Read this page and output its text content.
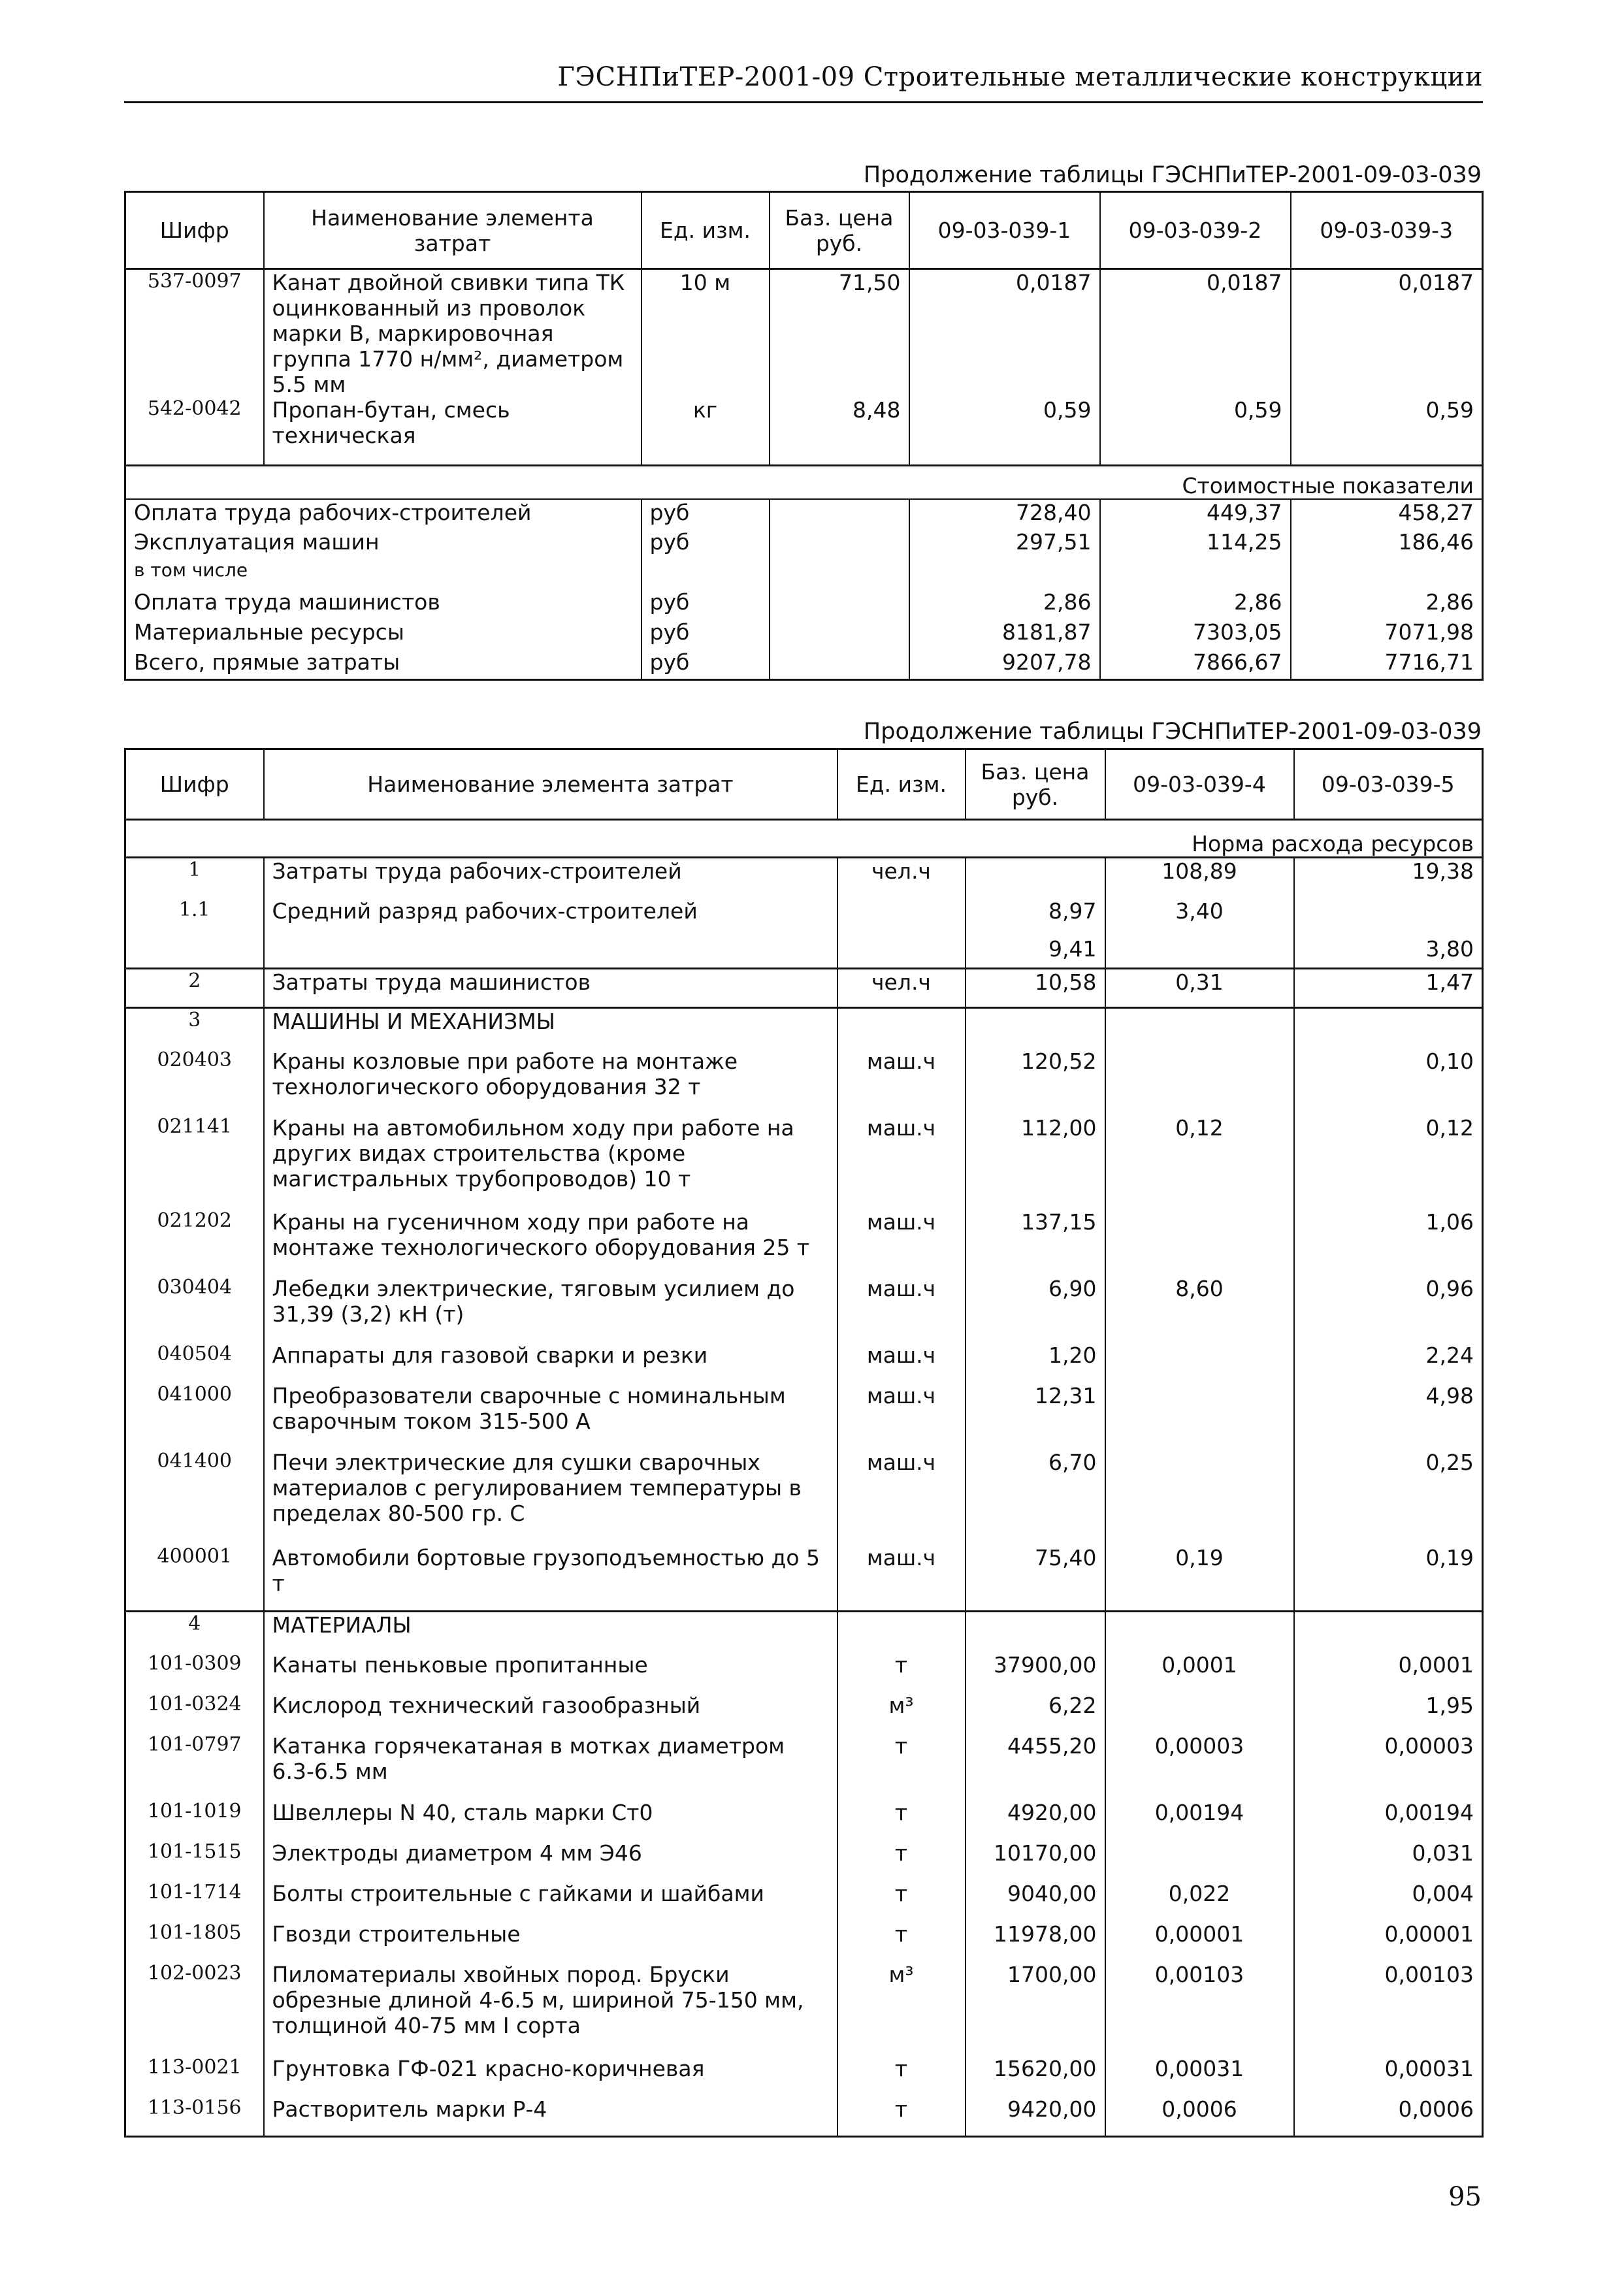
ГЭСНПиТЕР-2001-09 Строительные металлические конструкции
Продолжение таблицы ГЭСНПиТЕР-2001-09-03-039
Шифр	Наименование элемента затрат	Ед. изм.	Баз. цена руб.	09-03-039-1	09-03-039-2	09-03-039-3
537-0097	Канат двойной свивки типа ТК оцинкованный из проволок марки В, маркировочная группа 1770 н/мм², диаметром 5.5 мм	10 м	71,50	0,0187	0,0187	0,0187
542-0042	Пропан-бутан, смесь техническая	кг	8,48	0,59	0,59	0,59
Стоимостные показатели						
Оплата труда рабочих-строителей		руб		728,40	449,37	458,27
Эксплуатация машин		руб		297,51	114,25	186,46
в том числе						
Оплата труда машинистов		руб		2,86	2,86	2,86
Материальные ресурсы		руб		8181,87	7303,05	7071,98
Всего, прямые затраты		руб		9207,78	7866,67	7716,71
Продолжение таблицы ГЭСНПиТЕР-2001-09-03-039
Шифр	Наименование элемента затрат	Ед. изм.	Баз. цена руб.	09-03-039-4	09-03-039-5
Норма расхода ресурсов					
1	Затраты труда рабочих-строителей	чел.ч		108,89	19,38
1.1	Средний разряд рабочих-строителей		8,97	3,40	
			9,41		3,80
2	Затраты труда машинистов	чел.ч	10,58	0,31	1,47
3	МАШИНЫ И МЕХАНИЗМЫ				
020403	Краны козловые при работе на монтаже технологического оборудования 32 т	маш.ч	120,52		0,10
021141	Краны на автомобильном ходу при работе на других видах строительства (кроме магистральных трубопроводов) 10 т	маш.ч	112,00	0,12	0,12
021202	Краны на гусеничном ходу при работе на монтаже технологического оборудования 25 т	маш.ч	137,15		1,06
030404	Лебедки электрические, тяговым усилием до 31,39 (3,2) кН (т)	маш.ч	6,90	8,60	0,96
040504	Аппараты для газовой сварки и резки	маш.ч	1,20		2,24
041000	Преобразователи сварочные с номинальным сварочным током 315-500 А	маш.ч	12,31		4,98
041400	Печи электрические для сушки сварочных материалов с регулированием температуры в пределах 80-500 гр. С	маш.ч	6,70		0,25
400001	Автомобили бортовые грузоподъемностью до 5 т	маш.ч	75,40	0,19	0,19
4	МАТЕРИАЛЫ				
101-0309	Канаты пеньковые пропитанные	т	37900,00	0,0001	0,0001
101-0324	Кислород технический газообразный	м³	6,22		1,95
101-0797	Катанка горячекатаная в мотках диаметром 6.3-6.5 мм	т	4455,20	0,00003	0,00003
101-1019	Швеллеры N 40, сталь марки Ст0	т	4920,00	0,00194	0,00194
101-1515	Электроды диаметром 4 мм Э46	т	10170,00		0,031
101-1714	Болты строительные с гайками и шайбами	т	9040,00	0,022	0,004
101-1805	Гвозди строительные	т	11978,00	0,00001	0,00001
102-0023	Пиломатериалы хвойных пород. Бруски обрезные длиной 4-6.5 м, шириной 75-150 мм, толщиной 40-75 мм I сорта	м³	1700,00	0,00103	0,00103
113-0021	Грунтовка ГФ-021 красно-коричневая	т	15620,00	0,00031	0,00031
113-0156	Растворитель марки Р-4	т	9420,00	0,0006	0,0006
95
